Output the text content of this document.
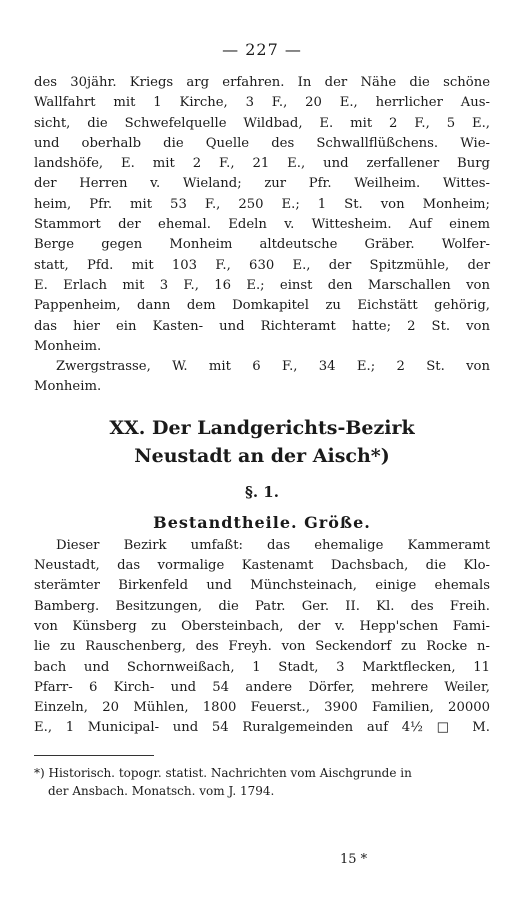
— 227 —
des 30jähr. Kriegs arg erfahren. In der Nähe die schöne
Wallfahrt mit 1 Kirche, 3 F., 20 E., herrlicher Aus-
sicht, die Schwefelquelle Wildbad, E. mit 2 F., 5 E.,
und oberhalb die Quelle des Schwallflüßchens. Wie-
landshöfe, E. mit 2 F., 21 E., und zerfallener Burg
der Herren v. Wieland; zur Pfr. Weilheim. Wittes-
heim, Pfr. mit 53 F., 250 E.; 1 St. von Monheim;
Stammort der ehemal. Edeln v. Wittesheim. Auf einem
Berge gegen Monheim altdeutsche Gräber. Wolfer-
statt, Pfd. mit 103 F., 630 E., der Spitzmühle, der
E. Erlach mit 3 F., 16 E.; einst den Marschallen von
Pappenheim, dann dem Domkapitel zu Eichstätt gehörig,
das hier ein Kasten- und Richteramt hatte; 2 St. von
Monheim.
Zwergstrasse, W. mit 6 F., 34 E.; 2 St. von
Monheim.
XX. Der Landgerichts-Bezirk
Neustadt an der Aisch*)
§. 1.
Bestandtheile. Größe.
Dieser Bezirk umfaßt: das ehemalige Kammeramt
Neustadt, das vormalige Kastenamt Dachsbach, die Klo-
sterämter Birkenfeld und Münchsteinach, einige ehemals
Bamberg. Besitzungen, die Patr. Ger. II. Kl. des Freih.
von Künsberg zu Obersteinbach, der v. Hepp'schen Fami-
lie zu Rauschenberg, des Freyh. von Seckendorf zu Rocke n-
bach und Schornweißach, 1 Stadt, 3 Marktflecken, 11
Pfarr- 6 Kirch- und 54 andere Dörfer, mehrere Weiler,
Einzeln, 20 Mühlen, 1800 Feuerst., 3900 Familien, 20000
E., 1 Municipal- und 54 Ruralgemeinden auf 4½ □ M.
*) Historisch. topogr. statist. Nachrichten vom Aischgrunde in
der Ansbach. Monatsch. vom J. 1794.
15 *
